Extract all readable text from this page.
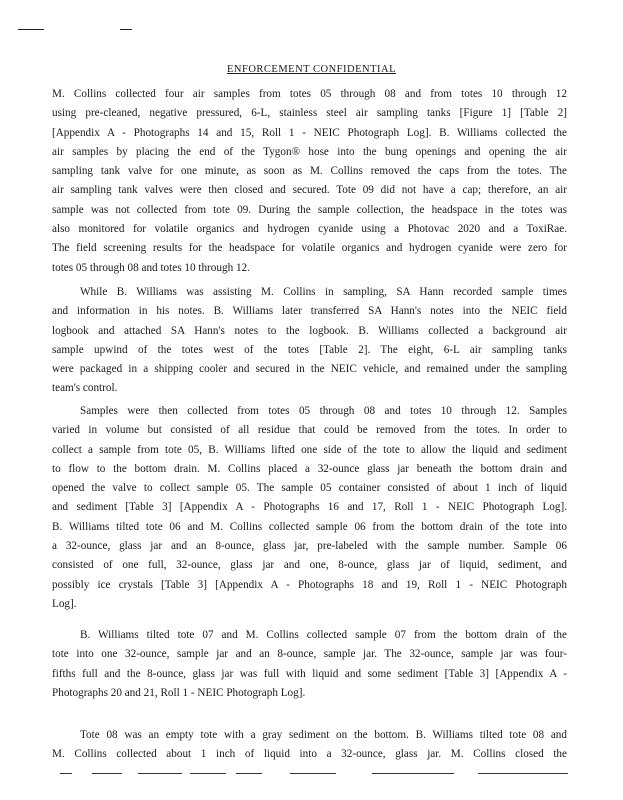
ENFORCEMENT CONFIDENTIAL
M. Collins collected four air samples from totes 05 through 08 and from totes 10 through 12
using pre-cleaned, negative pressured, 6-L, stainless steel air sampling tanks [Figure 1] [Table 2]
[Appendix A - Photographs 14 and 15, Roll 1 - NEIC Photograph Log]. B. Williams collected the
air samples by placing the end of the Tygon® hose into the bung openings and opening the air
sampling tank valve for one minute, as soon as M. Collins removed the caps from the totes. The
air sampling tank valves were then closed and secured. Tote 09 did not have a cap; therefore, an air
sample was not collected from tote 09. During the sample collection, the headspace in the totes was
also monitored for volatile organics and hydrogen cyanide using a Photovac 2020 and a ToxiRae.
The field screening results for the headspace for volatile organics and hydrogen cyanide were zero for
totes 05 through 08 and totes 10 through 12.
While B. Williams was assisting M. Collins in sampling, SA Hann recorded sample times
and information in his notes. B. Williams later transferred SA Hann's notes into the NEIC field
logbook and attached SA Hann's notes to the logbook. B. Williams collected a background air
sample upwind of the totes west of the totes [Table 2]. The eight, 6-L air sampling tanks
were packaged in a shipping cooler and secured in the NEIC vehicle, and remained under the sampling
team's control.
Samples were then collected from totes 05 through 08 and totes 10 through 12. Samples
varied in volume but consisted of all residue that could be removed from the totes. In order to
collect a sample from tote 05, B. Williams lifted one side of the tote to allow the liquid and sediment
to flow to the bottom drain. M. Collins placed a 32-ounce glass jar beneath the bottom drain and
opened the valve to collect sample 05. The sample 05 container consisted of about 1 inch of liquid
and sediment [Table 3] [Appendix A - Photographs 16 and 17, Roll 1 - NEIC Photograph Log].
B. Williams tilted tote 06 and M. Collins collected sample 06 from the bottom drain of the tote into
a 32-ounce, glass jar and an 8-ounce, glass jar, pre-labeled with the sample number. Sample 06
consisted of one full, 32-ounce, glass jar and one, 8-ounce, glass jar of liquid, sediment, and
possibly ice crystals [Table 3] [Appendix A - Photographs 18 and 19, Roll 1 - NEIC Photograph
Log].
B. Williams tilted tote 07 and M. Collins collected sample 07 from the bottom drain of the
tote into one 32-ounce, sample jar and an 8-ounce, sample jar. The 32-ounce, sample jar was four-
fifths full and the 8-ounce, glass jar was full with liquid and some sediment [Table 3] [Appendix A -
Photographs 20 and 21, Roll 1 - NEIC Photograph Log].
Tote 08 was an empty tote with a gray sediment on the bottom. B. Williams tilted tote 08 and
M. Collins collected about 1 inch of liquid into a 32-ounce, glass jar. M. Collins closed the
